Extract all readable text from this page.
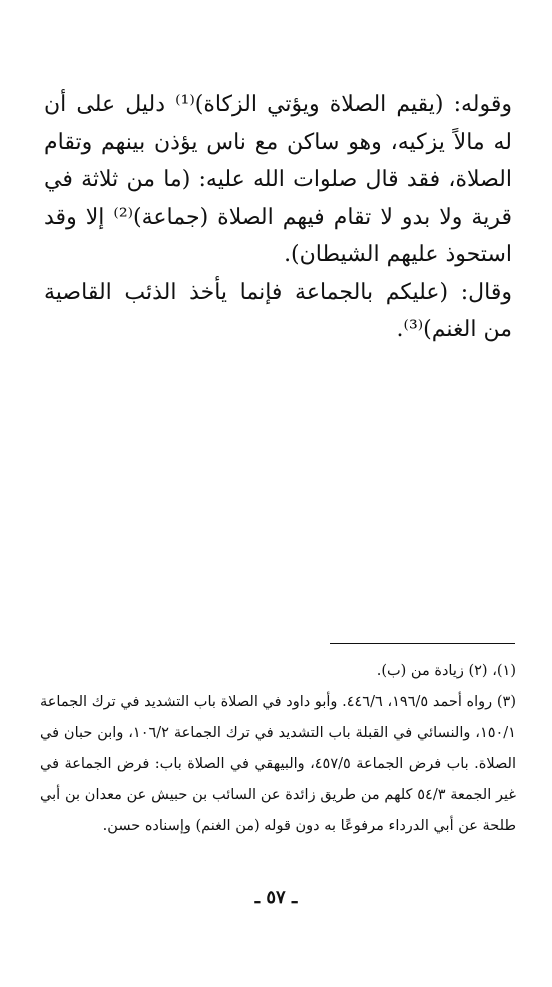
وقوله: (يقيم الصلاة ويؤتي الزكاة)⁽¹⁾ دليل على أن له مالاً يزكيه، وهو ساكن مع ناس يؤذن بينهم وتقام الصلاة، فقد قال صلوات الله عليه: (ما من ثلاثة في قرية ولا بدو لا تقام فيهم الصلاة (جماعة)⁽²⁾ إلا وقد استحوذ عليهم الشيطان).

وقال: (عليكم بالجماعة فإنما يأخذ الذئب القاصية من الغنم)⁽³⁾.

(١)، (٢) زيادة من (ب).

(٣) رواه أحمد ١٩٦/٥، ٤٤٦/٦. وأبو داود في الصلاة باب التشديد في ترك الجماعة ١٥٠/١، والنسائي في القبلة باب التشديد في ترك الجماعة ١٠٦/٢، وابن حبان في الصلاة. باب فرض الجماعة ٤٥٧/٥، والبيهقي في الصلاة باب: فرض الجماعة في غير الجمعة ٥٤/٣ كلهم من طريق زائدة عن السائب بن حبيش عن معدان بن أبي طلحة عن أبي الدرداء مرفوعًا به دون قوله (من الغنم) وإسناده حسن.

ـ ٥٧ ـ
